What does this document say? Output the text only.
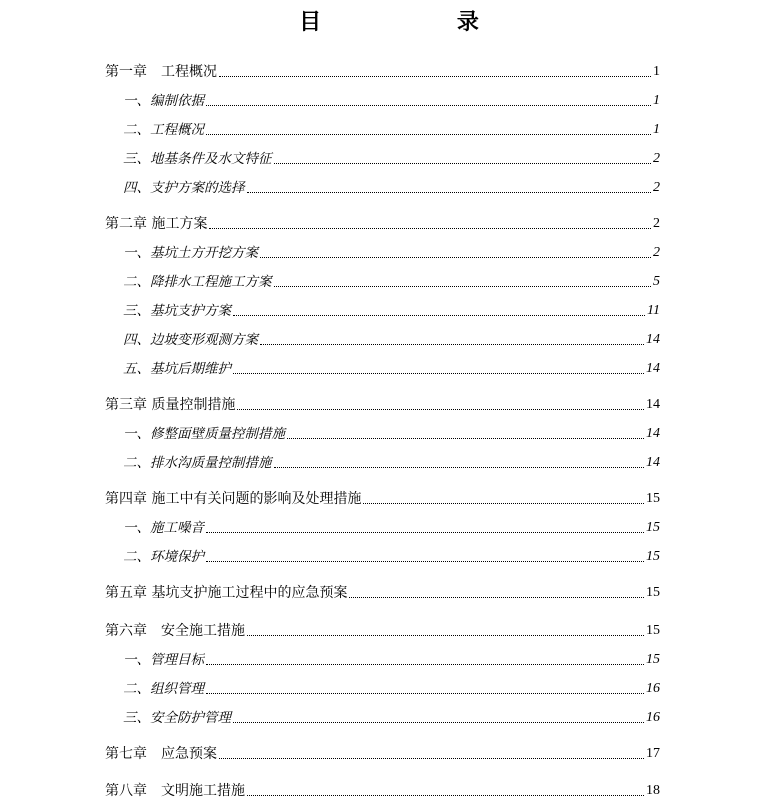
目 录
第一章　工程概况	1
一、编制依据	1
二、工程概况	1
三、地基条件及水文特征	2
四、支护方案的选择	2
第二章 施工方案	2
一、基坑土方开挖方案	2
二、降排水工程施工方案	5
三、基坑支护方案	11
四、边坡变形观测方案	14
五、基坑后期维护	14
第三章 质量控制措施	14
一、修整面壁质量控制措施	14
二、排水沟质量控制措施	14
第四章 施工中有关问题的影响及处理措施	15
一、施工噪音	15
二、环境保护	15
第五章 基坑支护施工过程中的应急预案	15
第六章　安全施工措施	15
一、管理目标	15
二、组织管理	16
三、安全防护管理	16
第七章　应急预案	17
第八章　文明施工措施	18
